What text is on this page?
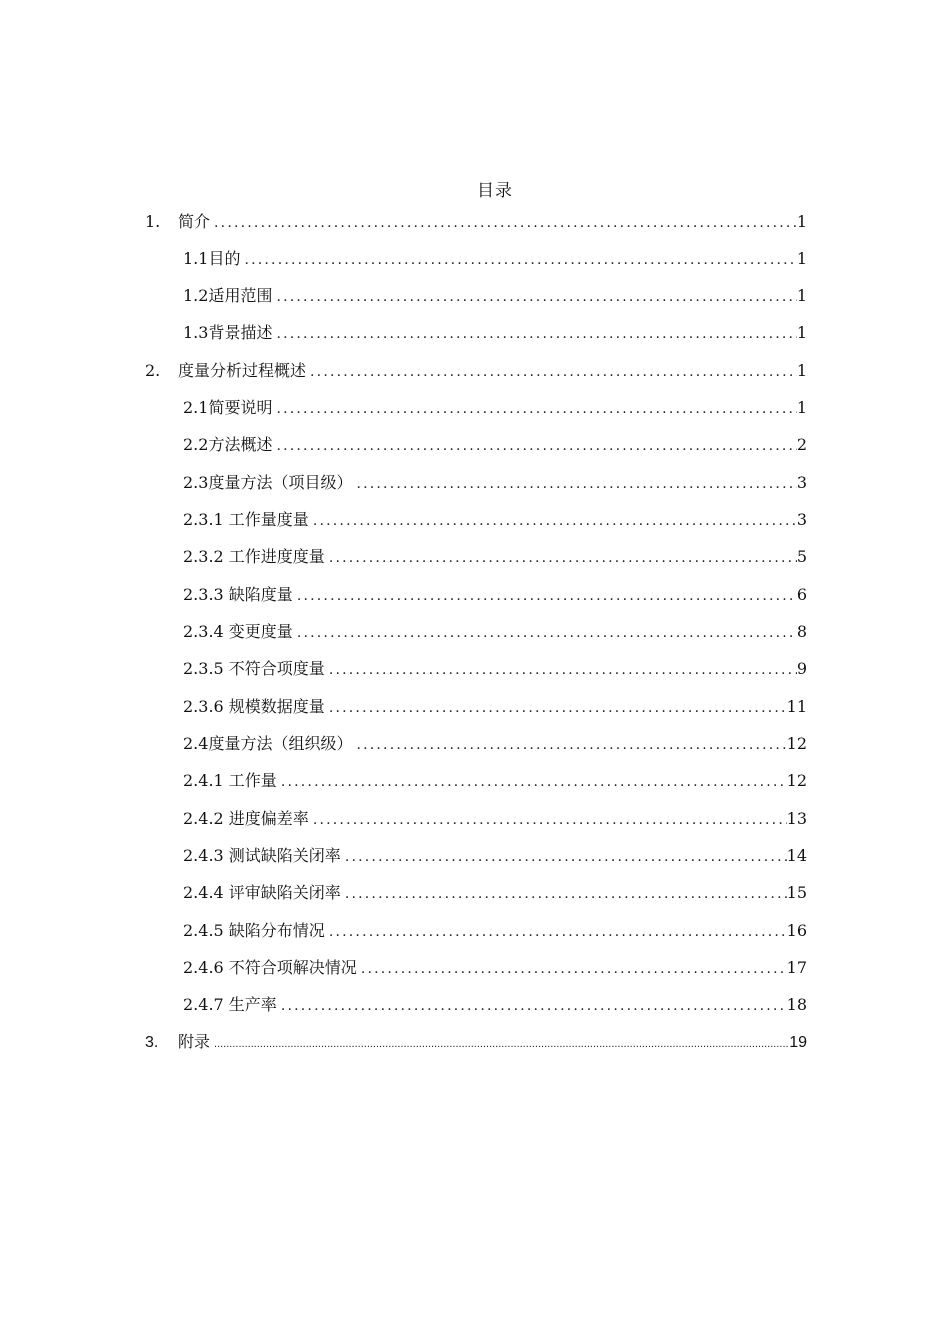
目录
1.	简介 .....	1
1.1目的 .....	1
1.2适用范围 .....	1
1.3背景描述 .....	1
2.	度量分析过程概述 .....	1
2.1简要说明 .....	1
2.2方法概述 .....	2
2.3度量方法（项目级） .....	3
2.3.1 工作量度量 .....	3
2.3.2 工作进度度量 .....	5
2.3.3 缺陷度量 .....	6
2.3.4 变更度量 .....	8
2.3.5 不符合项度量 .....	9
2.3.6 规模数据度量 .....	11
2.4度量方法（组织级） .....	12
2.4.1 工作量 .....	12
2.4.2 进度偏差率 .....	13
2.4.3 测试缺陷关闭率 .....	14
2.4.4 评审缺陷关闭率 .....	15
2.4.5 缺陷分布情况 .....	16
2.4.6 不符合项解决情况 .....	17
2.4.7 生产率 .....	18
3.	附录 .....	19
